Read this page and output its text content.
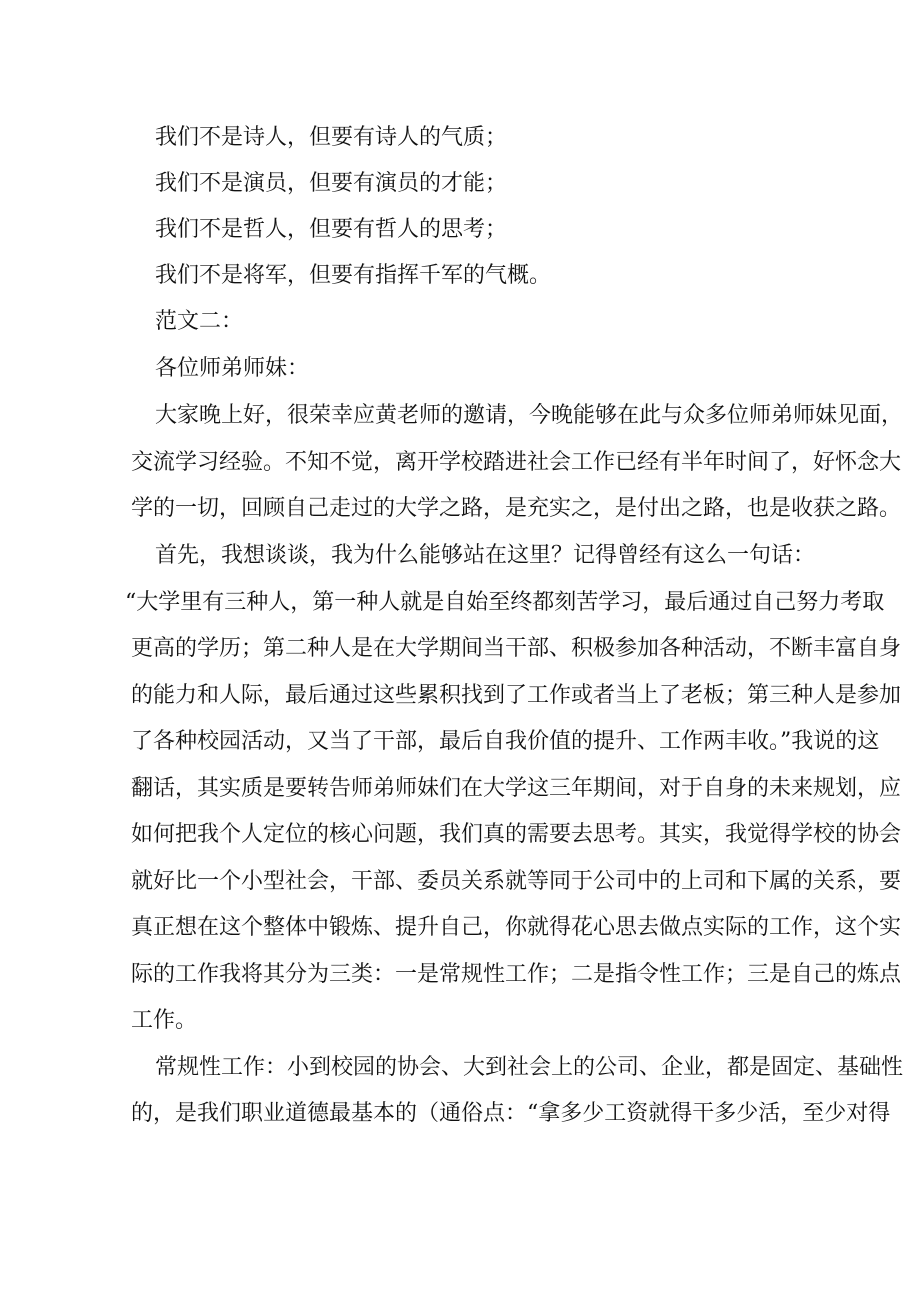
我们不是诗人，但要有诗人的气质；

我们不是演员，但要有演员的才能；

我们不是哲人，但要有哲人的思考；

我们不是将军，但要有指挥千军的气概。

范文二：

各位师弟师妹：

大家晚上好，很荣幸应黄老师的邀请，今晚能够在此与众多位师弟师妹见面，

交流学习经验。不知不觉，离开学校踏进社会工作已经有半年时间了，好怀念大

学的一切，回顾自己走过的大学之路，是充实之，是付出之路，也是收获之路。

首先，我想谈谈，我为什么能够站在这里？记得曾经有这么一句话：

“大学里有三种人，第一种人就是自始至终都刻苦学习，最后通过自己努力考取

更高的学历；第二种人是在大学期间当干部、积极参加各种活动，不断丰富自身

的能力和人际，最后通过这些累积找到了工作或者当上了老板；第三种人是参加

了各种校园活动，又当了干部，最后自我价值的提升、工作两丰收。”我说的这

翻话，其实质是要转告师弟师妹们在大学这三年期间，对于自身的未来规划，应

如何把我个人定位的核心问题，我们真的需要去思考。其实，我觉得学校的协会

就好比一个小型社会，干部、委员关系就等同于公司中的上司和下属的关系，要

真正想在这个整体中锻炼、提升自己，你就得花心思去做点实际的工作，这个实

际的工作我将其分为三类：一是常规性工作；二是指令性工作；三是自己的炼点

工作。

常规性工作：小到校园的协会、大到社会上的公司、企业，都是固定、基础性

的，是我们职业道德最基本的（通俗点：“拿多少工资就得干多少活，至少对得
